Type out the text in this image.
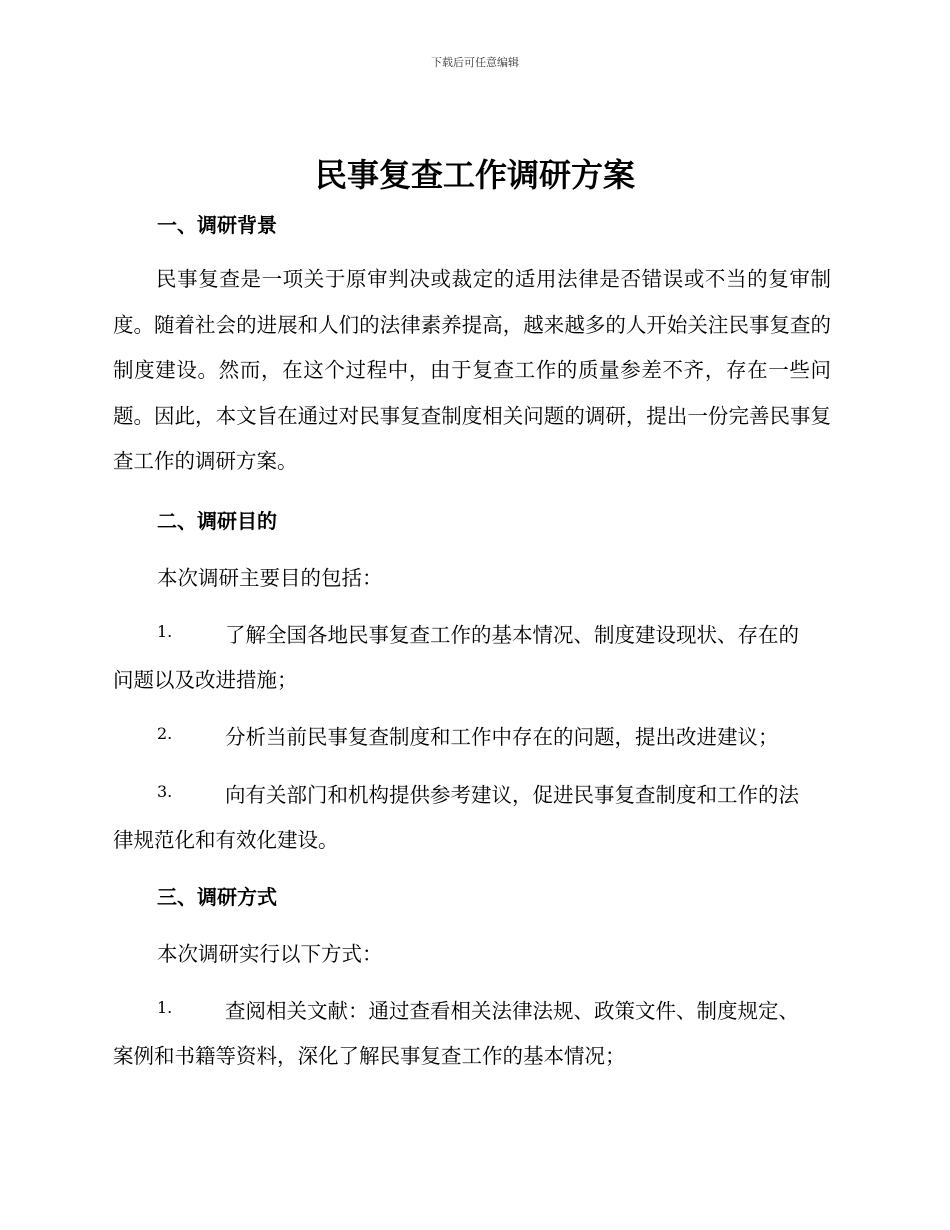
下载后可任意编辑
民事复查工作调研方案
一、调研背景
民事复查是一项关于原审判决或裁定的适用法律是否错误或不当的复审制度。随着社会的进展和人们的法律素养提高，越来越多的人开始关注民事复查的制度建设。然而，在这个过程中，由于复查工作的质量参差不齐，存在一些问题。因此，本文旨在通过对民事复查制度相关问题的调研，提出一份完善民事复查工作的调研方案。
二、调研目的
本次调研主要目的包括：
1.	了解全国各地民事复查工作的基本情况、制度建设现状、存在的
问题以及改进措施；
2.	分析当前民事复查制度和工作中存在的问题，提出改进建议；
3.	向有关部门和机构提供参考建议，促进民事复查制度和工作的法
律规范化和有效化建设。
三、调研方式
本次调研实行以下方式：
1.	查阅相关文献：通过查看相关法律法规、政策文件、制度规定、
案例和书籍等资料，深化了解民事复查工作的基本情况；
